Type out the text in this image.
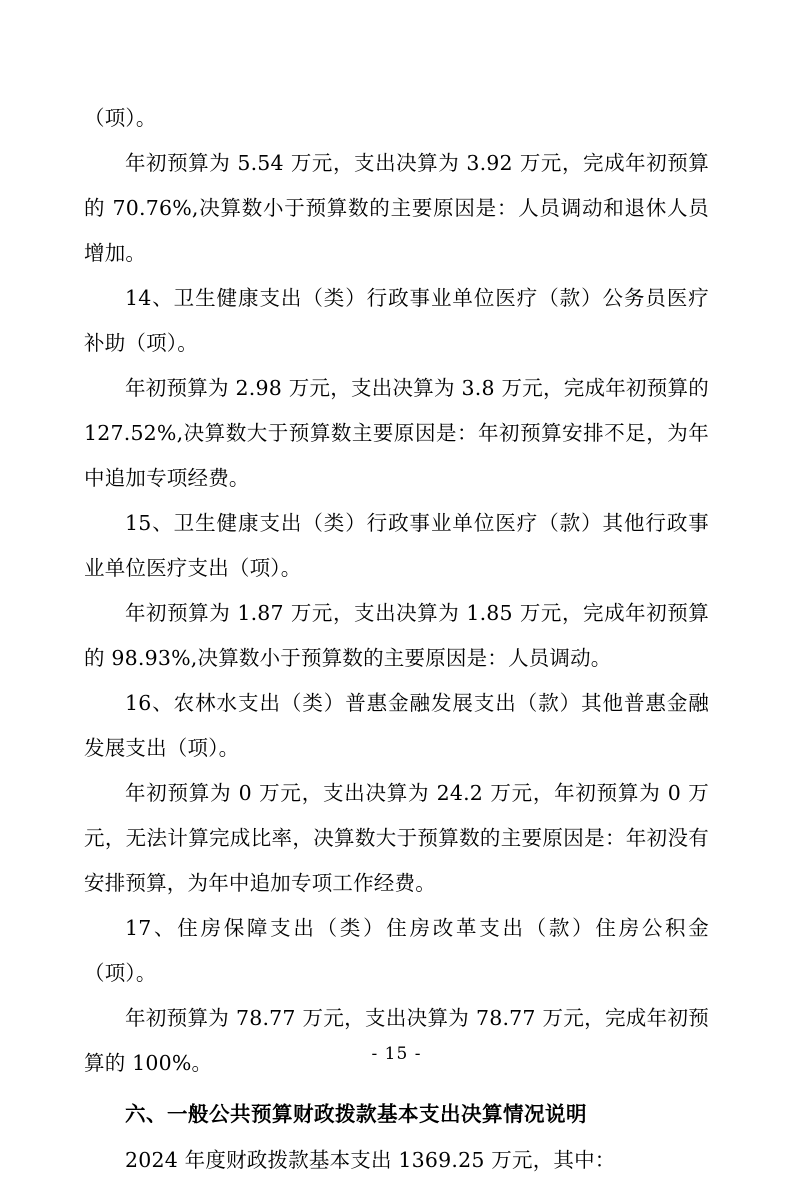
（项）。

年初预算为 5.54 万元，支出决算为 3.92 万元，完成年初预算的 70.76%,决算数小于预算数的主要原因是：人员调动和退休人员增加。

14、卫生健康支出（类）行政事业单位医疗（款）公务员医疗补助（项）。

年初预算为 2.98 万元，支出决算为 3.8 万元，完成年初预算的 127.52%,决算数大于预算数主要原因是：年初预算安排不足，为年中追加专项经费。

15、卫生健康支出（类）行政事业单位医疗（款）其他行政事业单位医疗支出（项）。

年初预算为 1.87 万元，支出决算为 1.85 万元，完成年初预算的 98.93%,决算数小于预算数的主要原因是：人员调动。

16、农林水支出（类）普惠金融发展支出（款）其他普惠金融发展支出（项）。

年初预算为 0 万元，支出决算为 24.2 万元，年初预算为 0 万元，无法计算完成比率，决算数大于预算数的主要原因是：年初没有安排预算，为年中追加专项工作经费。

17、住房保障支出（类）住房改革支出（款）住房公积金（项）。

年初预算为 78.77 万元，支出决算为 78.77 万元，完成年初预算的 100%。

六、一般公共预算财政拨款基本支出决算情况说明

2024 年度财政拨款基本支出 1369.25 万元，其中：

- 15 -
